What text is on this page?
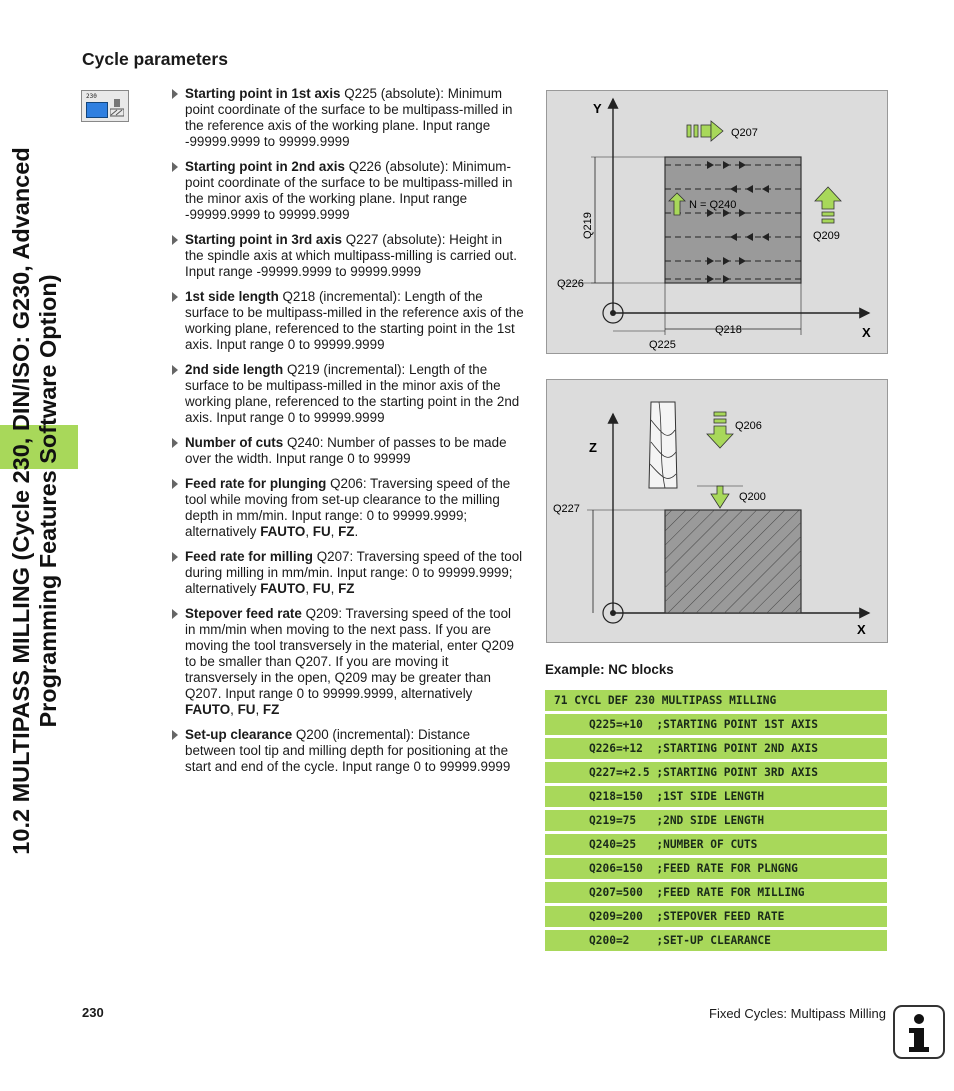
10.2 MULTIPASS MILLING (Cycle 230, DIN/ISO: G230, Advanced Programming Features Software Option)
Cycle parameters
230	Starting point in 1st axis Q225 (absolute): Minimum point coordinate of the surface to be multipass-milled in the reference axis of the working plane. Input range -99999.9999 to 99999.9999
Starting point in 2nd axis Q226 (absolute): Minimum-point coordinate of the surface to be multipass-milled in the minor axis of the working plane. Input range -99999.9999 to 99999.9999
Starting point in 3rd axis Q227 (absolute): Height in the spindle axis at which multipass-milling is carried out. Input range -99999.9999 to 99999.9999
1st side length Q218 (incremental): Length of the surface to be multipass-milled in the reference axis of the working plane, referenced to the starting point in the 1st axis. Input range 0 to 99999.9999
2nd side length Q219 (incremental): Length of the surface to be multipass-milled in the minor axis of the working plane, referenced to the starting point in the 2nd axis. Input range 0 to 99999.9999
Number of cuts Q240: Number of passes to be made over the width. Input range 0 to 99999
Feed rate for plunging Q206: Traversing speed of the tool while moving from set-up clearance to the milling depth in mm/min. Input range: 0 to 99999.9999; alternatively FAUTO, FU, FZ.
Feed rate for milling Q207: Traversing speed of the tool during milling in mm/min. Input range: 0 to 99999.9999; alternatively FAUTO, FU, FZ
Stepover feed rate Q209: Traversing speed of the tool in mm/min when moving to the next pass. If you are moving the tool transversely in the material, enter Q209 to be smaller than Q207. If you are moving it transversely in the open, Q209 may be greater than Q207. Input range 0 to 99999.9999, alternatively FAUTO, FU, FZ
Set-up clearance Q200 (incremental): Distance between tool tip and milling depth for positioning at the start and end of the cycle. Input range 0 to 99999.9999
Y
X
Q207
N = Q240
Q209
Q219
Q226
Q218
Q225
Z
X
Q206
Q200
Q227
Example: NC blocks
71 CYCL DEF 230 MULTIPASS MILLING
Q225=+10  ;STARTING POINT 1ST AXIS
Q226=+12  ;STARTING POINT 2ND AXIS
Q227=+2.5 ;STARTING POINT 3RD AXIS
Q218=150  ;1ST SIDE LENGTH
Q219=75   ;2ND SIDE LENGTH
Q240=25   ;NUMBER OF CUTS
Q206=150  ;FEED RATE FOR PLNGNG
Q207=500  ;FEED RATE FOR MILLING
Q209=200  ;STEPOVER FEED RATE
Q200=2    ;SET-UP CLEARANCE
230	Fixed Cycles: Multipass Milling
